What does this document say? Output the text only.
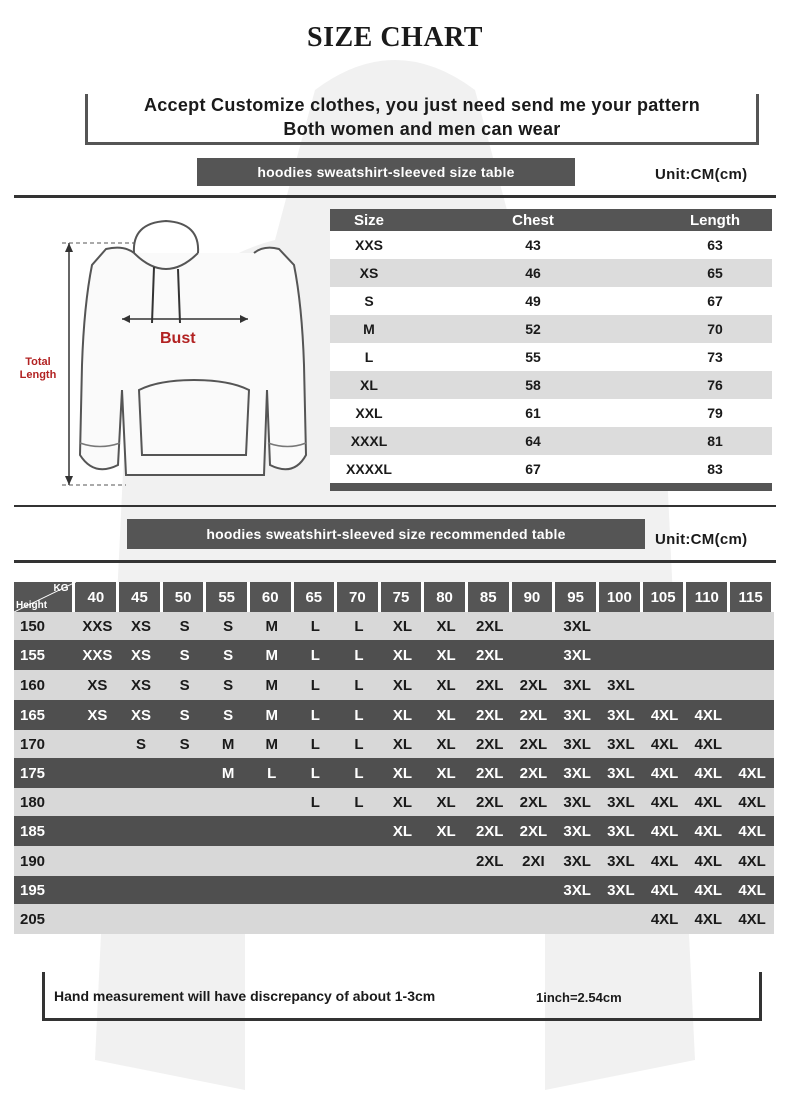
SIZE CHART
Accept Customize clothes, you just need send me your pattern
Both women and men can wear
hoodies sweatshirt-sleeved size table	Unit:CM(cm)
Bust
Total
Length
Size	Chest	Length
XXS	43	63
XS	46	65
S	49	67
M	52	70
L	55	73
XL	58	76
XXL	61	79
XXXL	64	81
XXXXL	67	83

hoodies sweatshirt-sleeved size recommended table	Unit:CM(cm)
KG
Height	40	45	50	55	60	65	70	75	80	85	90	95	100	105	110	115
150	XXS	XS	S	S	M	L	L	XL	XL	2XL		3XL				
155	XXS	XS	S	S	M	L	L	XL	XL	2XL		3XL				
160	XS	XS	S	S	M	L	L	XL	XL	2XL	2XL	3XL	3XL			
165	XS	XS	S	S	M	L	L	XL	XL	2XL	2XL	3XL	3XL	4XL	4XL	
170		S	S	M	M	L	L	XL	XL	2XL	2XL	3XL	3XL	4XL	4XL	
175				M	L	L	L	XL	XL	2XL	2XL	3XL	3XL	4XL	4XL	4XL
180						L	L	XL	XL	2XL	2XL	3XL	3XL	4XL	4XL	4XL
185								XL	XL	2XL	2XL	3XL	3XL	4XL	4XL	4XL
190										2XL	2XI	3XL	3XL	4XL	4XL	4XL
195												3XL	3XL	4XL	4XL	4XL
205														4XL	4XL	4XL
Hand measurement will have discrepancy of about 1-3cm	1inch=2.54cm
